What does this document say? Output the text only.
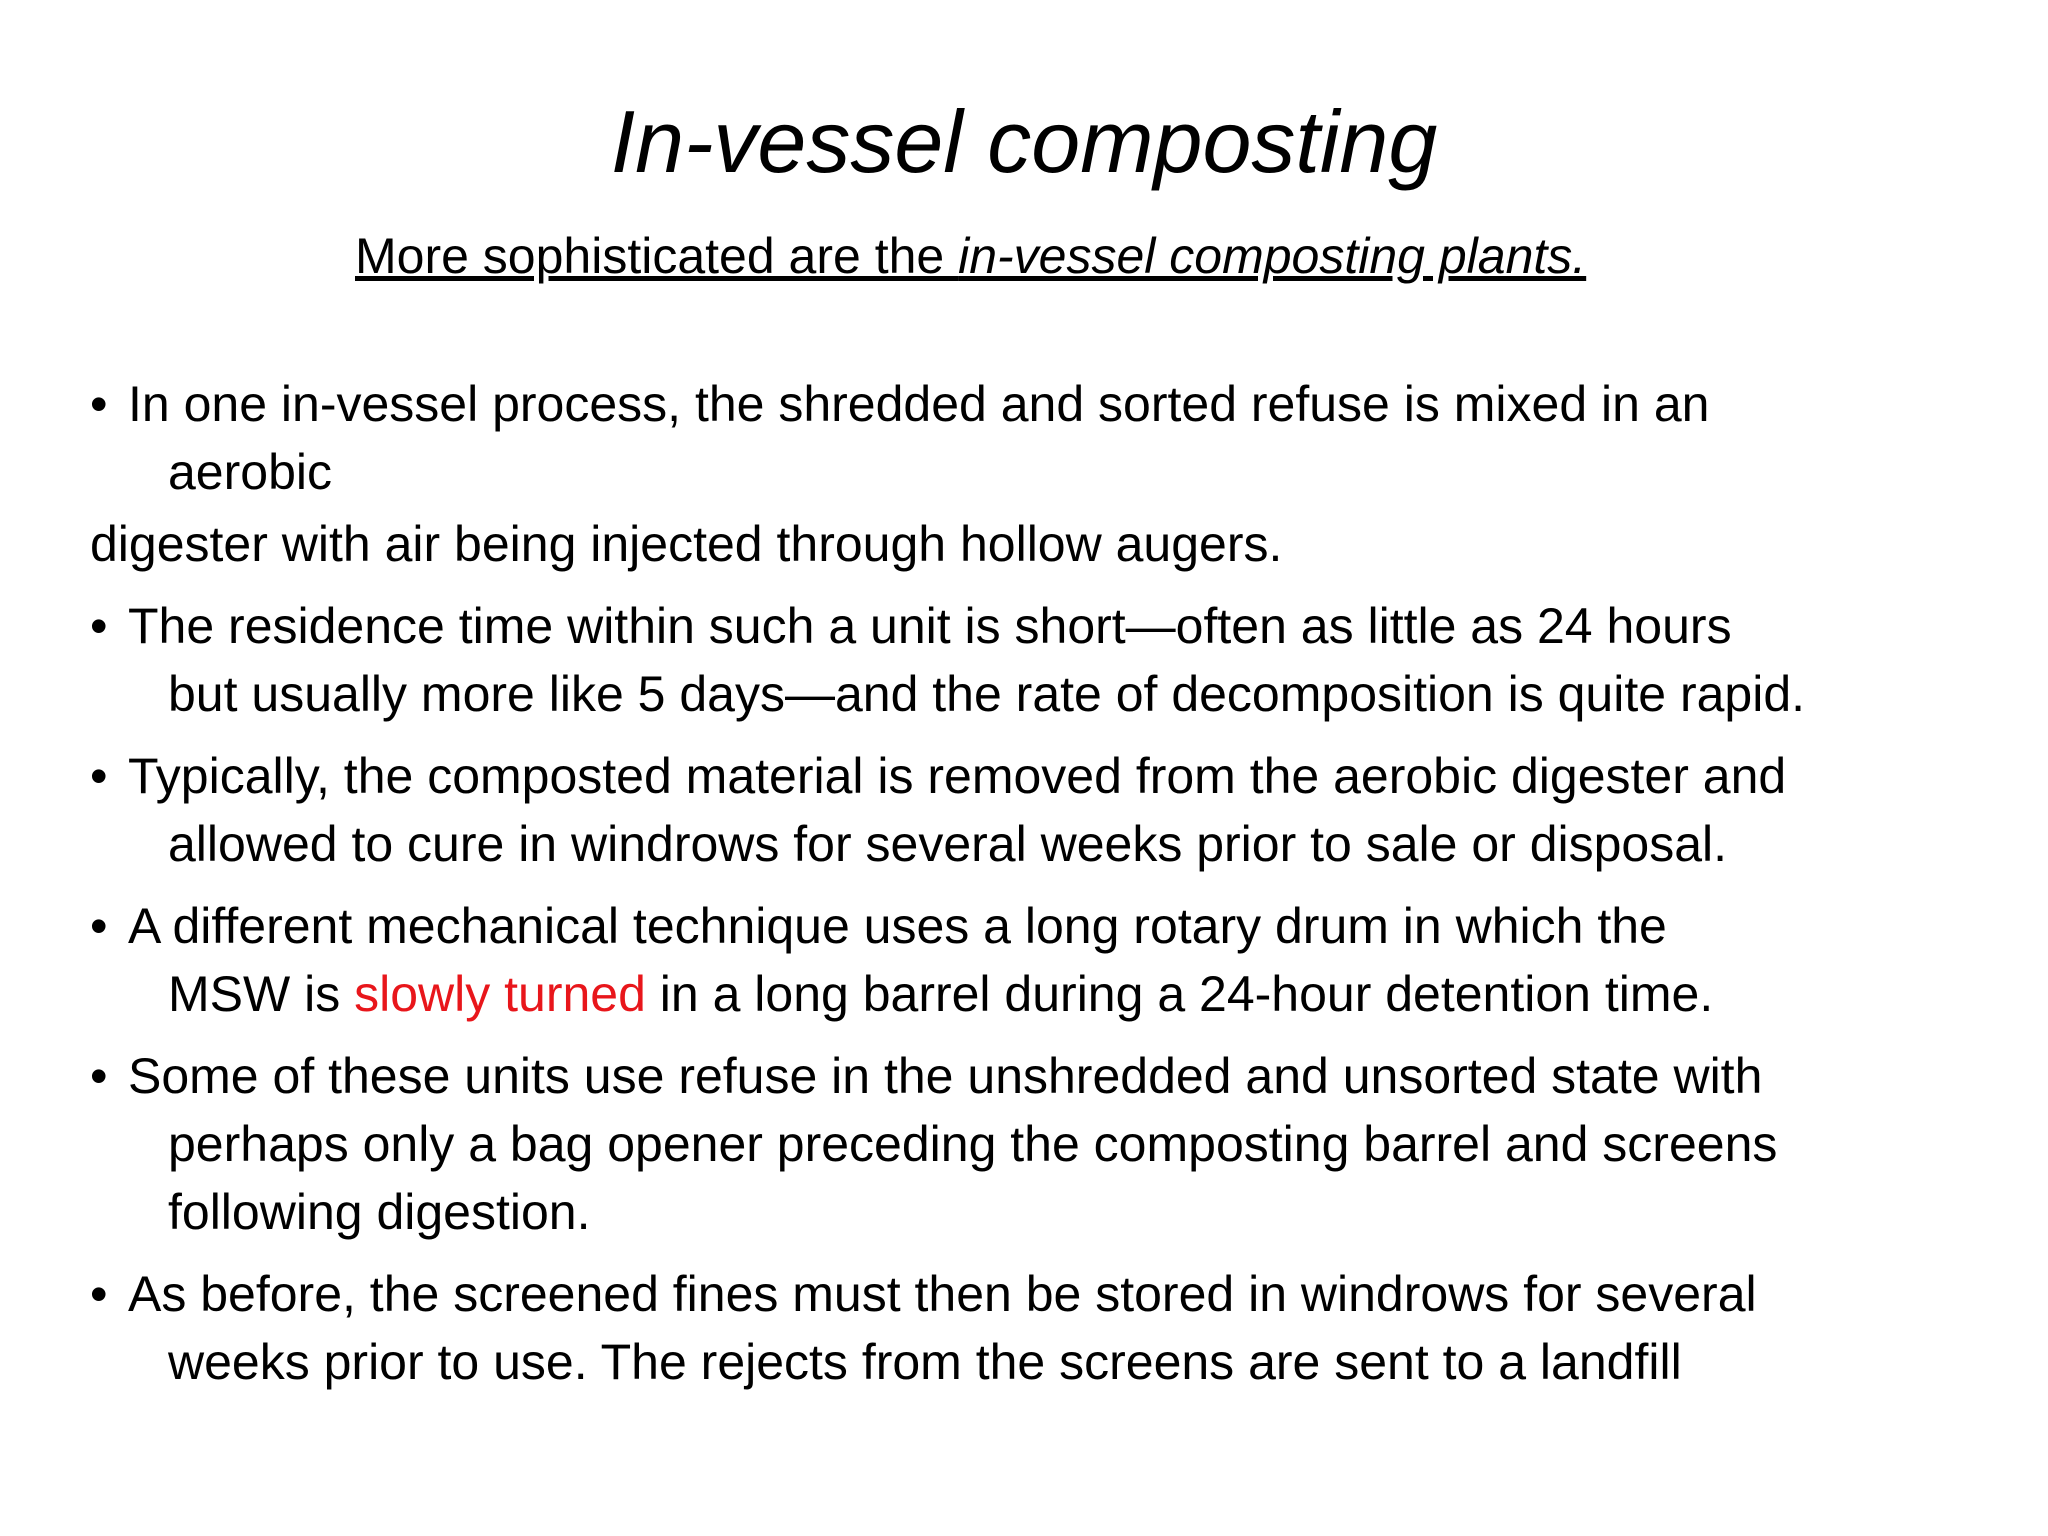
In-vessel composting
More sophisticated are the in-vessel composting plants.

• In one in-vessel process, the shredded and sorted refuse is mixed in an
aerobic

digester with air being injected through hollow augers.

• The residence time within such a unit is short—often as little as 24 hours
but usually more like 5 days—and the rate of decomposition is quite rapid.

• Typically, the composted material is removed from the aerobic digester and
allowed to cure in windrows for several weeks prior to sale or disposal.

• A different mechanical technique uses a long rotary drum in which the
MSW is slowly turned in a long barrel during a 24-hour detention time.

• Some of these units use refuse in the unshredded and unsorted state with
perhaps only a bag opener preceding the composting barrel and screens
following digestion.

• As before, the screened fines must then be stored in windrows for several
weeks prior to use. The rejects from the screens are sent to a landfill
